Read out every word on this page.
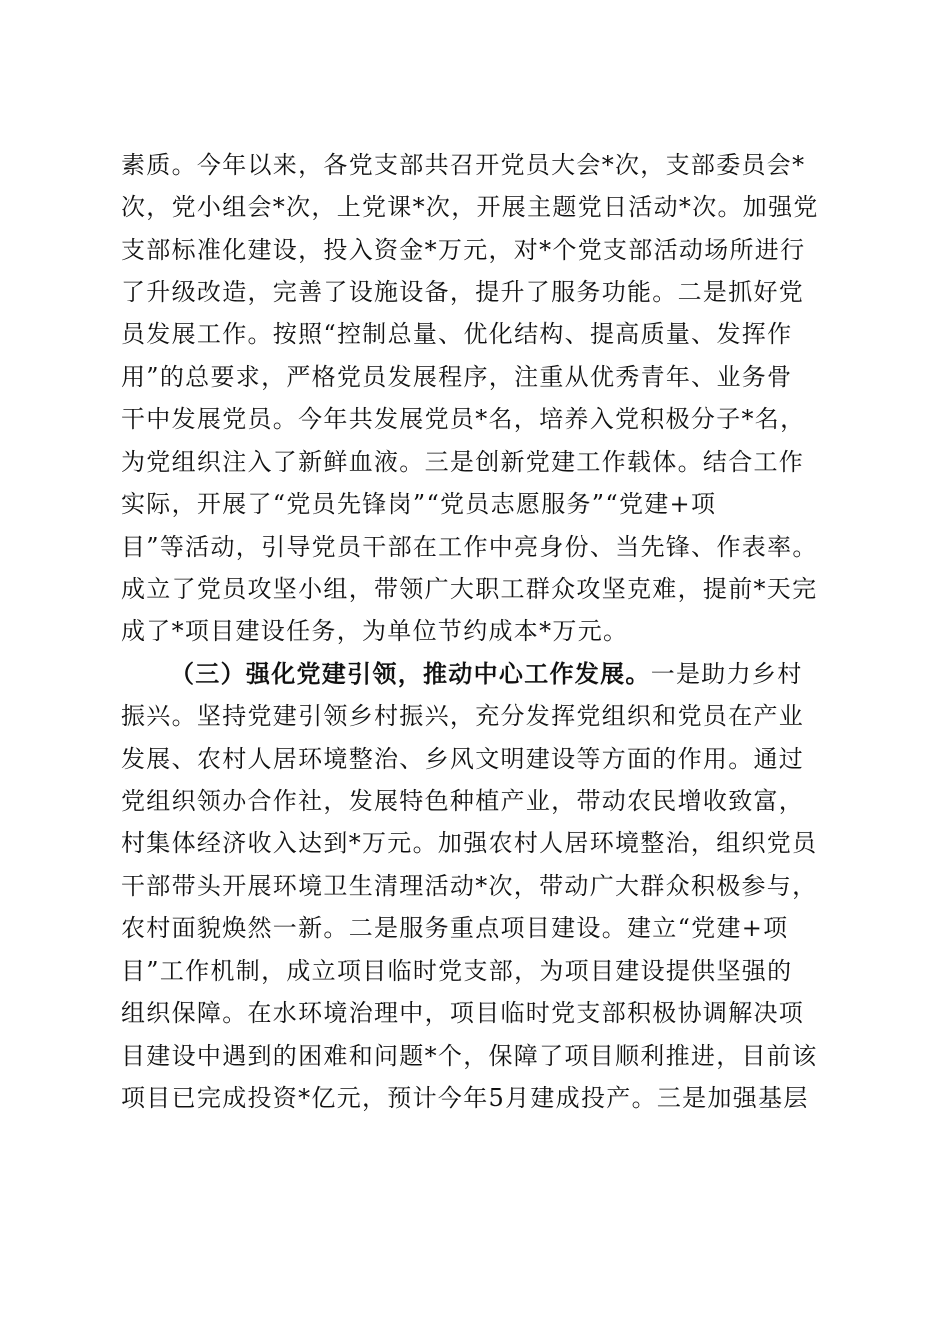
素质。今年以来，各党支部共召开党员大会*次，支部委员会*
次，党小组会*次，上党课*次，开展主题党日活动*次。加强党
支部标准化建设，投入资金*万元，对*个党支部活动场所进行
了升级改造，完善了设施设备，提升了服务功能。二是抓好党
员发展工作。按照“控制总量、优化结构、提高质量、发挥作
用”的总要求，严格党员发展程序，注重从优秀青年、业务骨
干中发展党员。今年共发展党员*名，培养入党积极分子*名，
为党组织注入了新鲜血液。三是创新党建工作载体。结合工作
实际，开展了“党员先锋岗”“党员志愿服务”“党建+项
目”等活动，引导党员干部在工作中亮身份、当先锋、作表率。
成立了党员攻坚小组，带领广大职工群众攻坚克难，提前*天完
成了*项目建设任务，为单位节约成本*万元。
（三）强化党建引领，推动中心工作发展。一是助力乡村
振兴。坚持党建引领乡村振兴，充分发挥党组织和党员在产业
发展、农村人居环境整治、乡风文明建设等方面的作用。通过
党组织领办合作社，发展特色种植产业，带动农民增收致富，
村集体经济收入达到*万元。加强农村人居环境整治，组织党员
干部带头开展环境卫生清理活动*次，带动广大群众积极参与，
农村面貌焕然一新。二是服务重点项目建设。建立“党建+项
目”工作机制，成立项目临时党支部，为项目建设提供坚强的
组织保障。在水环境治理中，项目临时党支部积极协调解决项
目建设中遇到的困难和问题*个，保障了项目顺利推进，目前该
项目已完成投资*亿元，预计今年5月建成投产。三是加强基层
